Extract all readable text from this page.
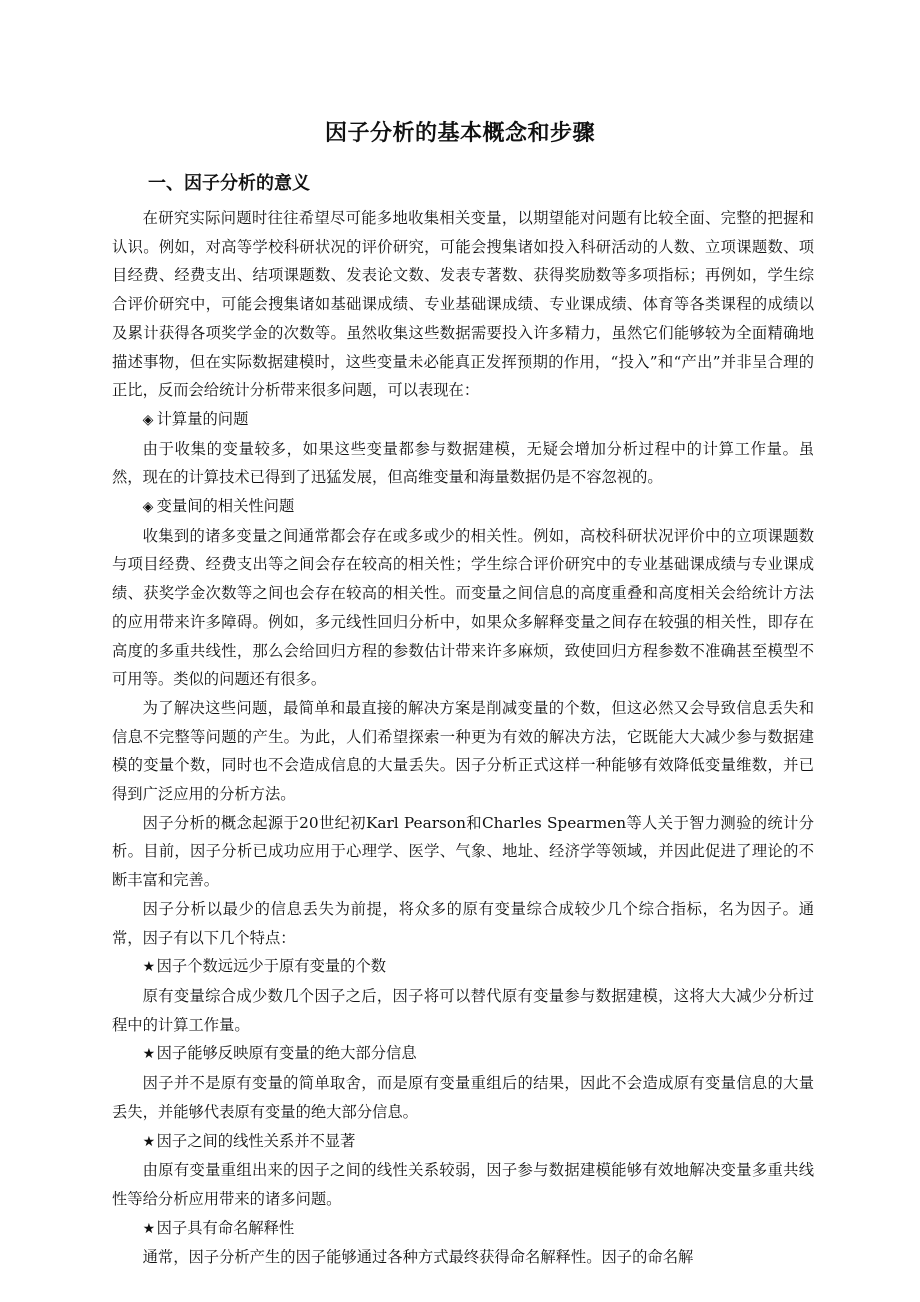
因子分析的基本概念和步骤
一、因子分析的意义

在研究实际问题时往往希望尽可能多地收集相关变量，以期望能对问题有比较全面、完整的把握和认识。例如，对高等学校科研状况的评价研究，可能会搜集诸如投入科研活动的人数、立项课题数、项目经费、经费支出、结项课题数、发表论文数、发表专著数、获得奖励数等多项指标；再例如，学生综合评价研究中，可能会搜集诸如基础课成绩、专业基础课成绩、专业课成绩、体育等各类课程的成绩以及累计获得各项奖学金的次数等。虽然收集这些数据需要投入许多精力，虽然它们能够较为全面精确地描述事物，但在实际数据建模时，这些变量未必能真正发挥预期的作用，“投入”和“产出”并非呈合理的正比，反而会给统计分析带来很多问题，可以表现在：

◈ 计算量的问题

由于收集的变量较多，如果这些变量都参与数据建模，无疑会增加分析过程中的计算工作量。虽然，现在的计算技术已得到了迅猛发展，但高维变量和海量数据仍是不容忽视的。

◈ 变量间的相关性问题

收集到的诸多变量之间通常都会存在或多或少的相关性。例如，高校科研状况评价中的立项课题数与项目经费、经费支出等之间会存在较高的相关性；学生综合评价研究中的专业基础课成绩与专业课成绩、获奖学金次数等之间也会存在较高的相关性。而变量之间信息的高度重叠和高度相关会给统计方法的应用带来许多障碍。例如，多元线性回归分析中，如果众多解释变量之间存在较强的相关性，即存在高度的多重共线性，那么会给回归方程的参数估计带来许多麻烦，致使回归方程参数不准确甚至模型不可用等。类似的问题还有很多。

为了解决这些问题，最简单和最直接的解决方案是削减变量的个数，但这必然又会导致信息丢失和信息不完整等问题的产生。为此，人们希望探索一种更为有效的解决方法，它既能大大减少参与数据建模的变量个数，同时也不会造成信息的大量丢失。因子分析正式这样一种能够有效降低变量维数，并已得到广泛应用的分析方法。

因子分析的概念起源于20世纪初Karl Pearson和Charles Spearmen等人关于智力测验的统计分析。目前，因子分析已成功应用于心理学、医学、气象、地址、经济学等领域，并因此促进了理论的不断丰富和完善。

因子分析以最少的信息丢失为前提，将众多的原有变量综合成较少几个综合指标，名为因子。通常，因子有以下几个特点：

★因子个数远远少于原有变量的个数

原有变量综合成少数几个因子之后，因子将可以替代原有变量参与数据建模，这将大大减少分析过程中的计算工作量。

★因子能够反映原有变量的绝大部分信息

因子并不是原有变量的简单取舍，而是原有变量重组后的结果，因此不会造成原有变量信息的大量丢失，并能够代表原有变量的绝大部分信息。

★因子之间的线性关系并不显著

由原有变量重组出来的因子之间的线性关系较弱，因子参与数据建模能够有效地解决变量多重共线性等给分析应用带来的诸多问题。

★因子具有命名解释性

通常，因子分析产生的因子能够通过各种方式最终获得命名解释性。因子的命名解
